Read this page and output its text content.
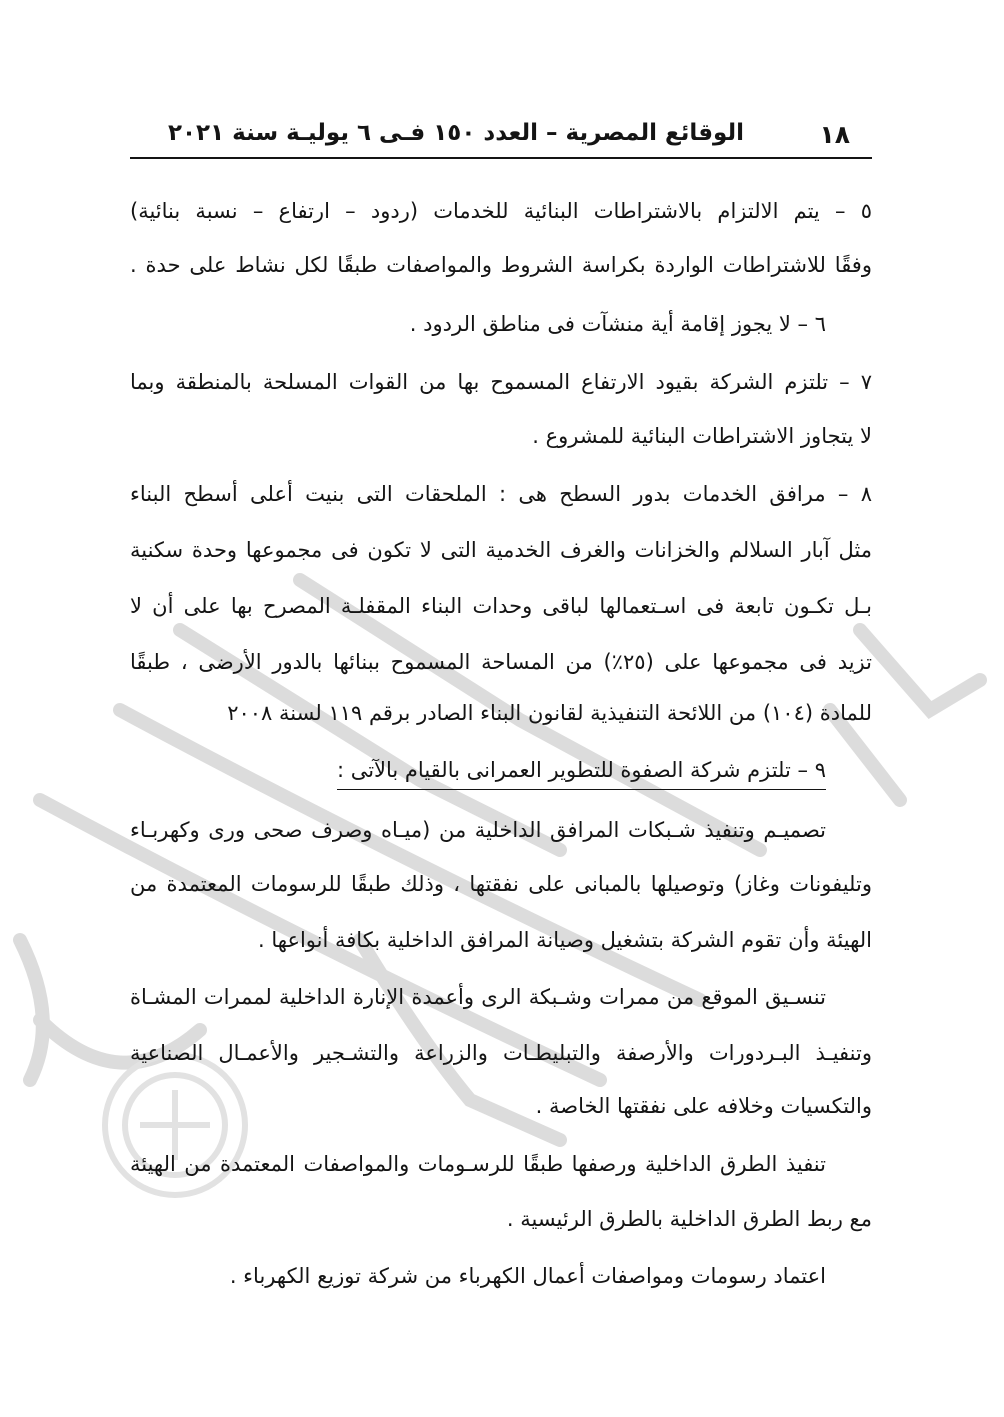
١٨
الوقائع المصرية – العدد ١٥٠ فـى ٦ يوليـة سنة ٢٠٢١
٥ – يتم الالتزام بالاشتراطات البنائية للخدمات (ردود – ارتفاع – نسبة بنائية)
وفقًا للاشتراطات الواردة بكراسة الشروط والمواصفات طبقًا لكل نشاط على حدة .
٦ – لا يجوز إقامة أية منشآت فى مناطق الردود .
٧ – تلتزم الشركة بقيود الارتفاع المسموح بها من القوات المسلحة بالمنطقة وبما
لا يتجاوز الاشتراطات البنائية للمشروع .
٨ – مرافق الخدمات بدور السطح هى : الملحقات التى بنيت أعلى أسطح البناء
مثل آبار السلالم والخزانات والغرف الخدمية التى لا تكون فى مجموعها وحدة سكنية
بـل تكـون تابعة فى اسـتعمالها لباقى وحدات البناء المقفلـة المصرح بها على أن لا
تزيد فى مجموعها على (٢٥٪) من المساحة المسموح ببنائها بالدور الأرضى ، طبقًا
للمادة (١٠٤) من اللائحة التنفيذية لقانون البناء الصادر برقم ١١٩ لسنة ٢٠٠٨
٩ – تلتزم شركة الصفوة للتطوير العمرانى بالقيام بالآتى :
تصميـم وتنفيذ شـبكات المرافق الداخلية من (ميـاه وصرف صحى ورى وكهربـاء
وتليفونات وغاز) وتوصيلها بالمبانى على نفقتها ، وذلك طبقًا للرسومات المعتمدة من
الهيئة وأن تقوم الشركة بتشغيل وصيانة المرافق الداخلية بكافة أنواعها .
تنسـيق الموقع من ممرات وشـبكة الرى وأعمدة الإنارة الداخلية لممرات المشـاة
وتنفيـذ البـردورات والأرصفة والتبليطـات والزراعة والتشـجير والأعمـال الصناعية
والتكسيات وخلافه على نفقتها الخاصة .
تنفيذ الطرق الداخلية ورصفها طبقًا للرسـومات والمواصفات المعتمدة من الهيئة
مع ربط الطرق الداخلية بالطرق الرئيسية .
اعتماد رسومات ومواصفات أعمال الكهرباء من شركة توزيع الكهرباء .
